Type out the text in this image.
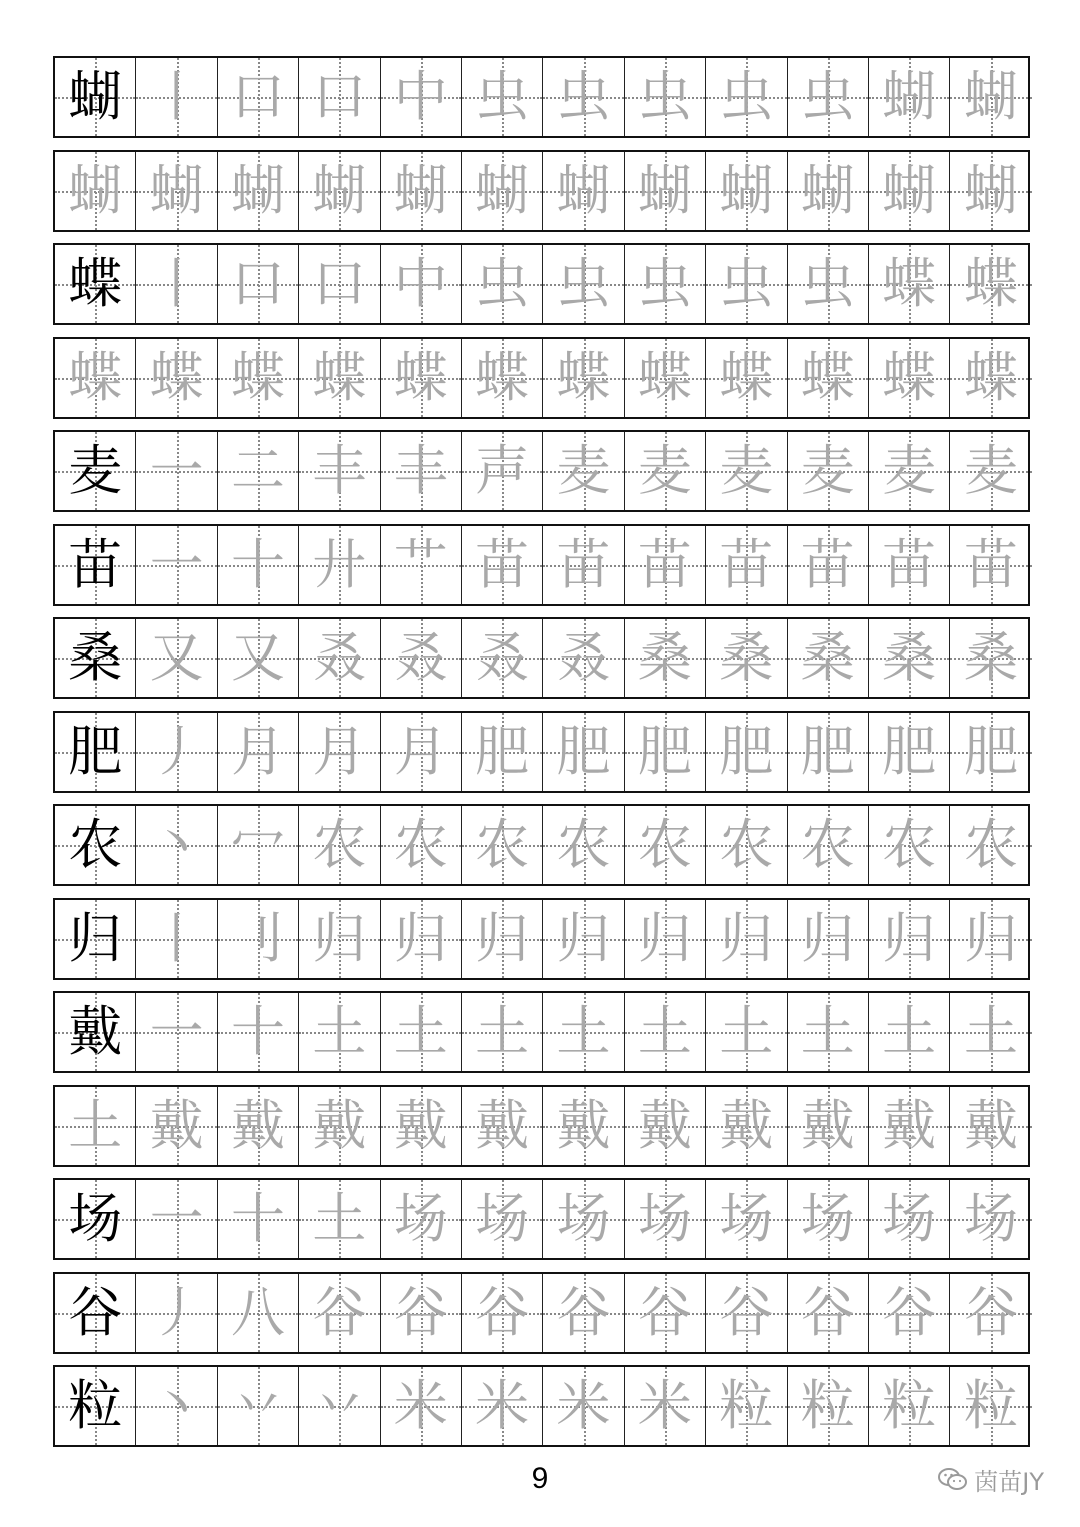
蝴 丨 口 口 中 虫 虫 虫 虫 虫 蝴 蝴
蝴 蝴 蝴 蝴 蝴 蝴 蝴 蝴 蝴 蝴 蝴 蝴
蝶 丨 口 口 中 虫 虫 虫 虫 虫 蝶 蝶
蝶 蝶 蝶 蝶 蝶 蝶 蝶 蝶 蝶 蝶 蝶 蝶
麦 一 二 丰 丰 声 麦 麦 麦 麦 麦 麦
苗 一 十 廾 艹 苗 苗 苗 苗 苗 苗 苗
桑 又 又 叒 叒 叒 叒 桑 桑 桑 桑 桑
肥 丿 月 月 月 肥 肥 肥 肥 肥 肥 肥
农 丶 冖 农 农 农 农 农 农 农 农 农
归 丨 刂 归 归 归 归 归 归 归 归 归
戴 一 十 土 土 土 土 土 土 土 土 土
土 戴 戴 戴 戴 戴 戴 戴 戴 戴 戴 戴
场 一 十 土 场 场 场 场 场 场 场 场
谷 丿 八 谷 谷 谷 谷 谷 谷 谷 谷 谷
粒 丶 丷 丷 米 米 米 米 粒 粒 粒 粒
9	茵苗JY
